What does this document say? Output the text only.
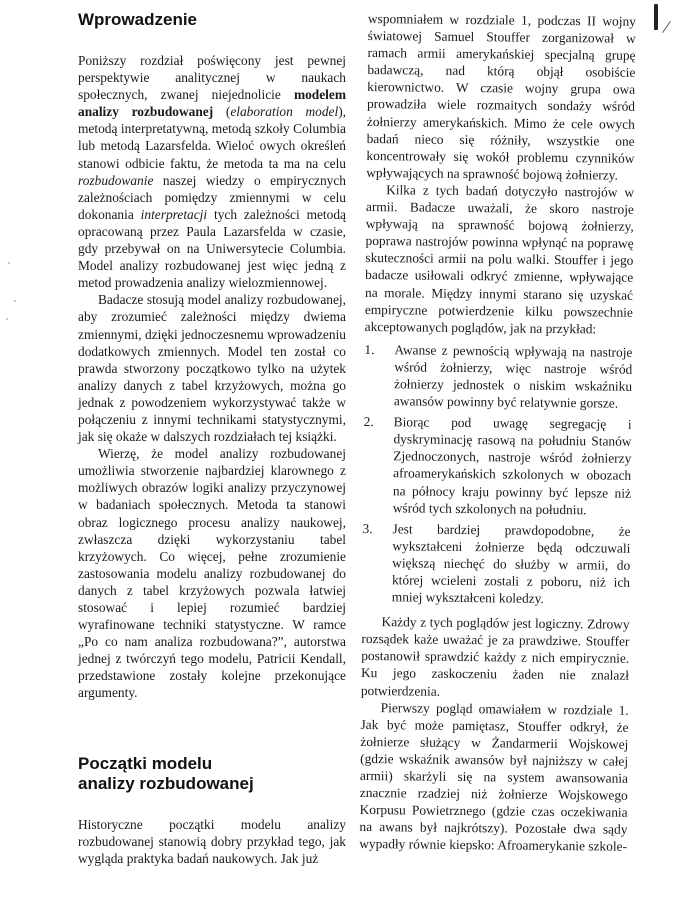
Wprowadzenie

Poniższy rozdział poświęcony jest pewnej perspektywie analitycznej w naukach społecznych, zwanej niejednolicie modelem analizy rozbudowanej (elaboration model), metodą interpretatywną, metodą szkoły Columbia lub metodą Lazarsfelda. Wieloć owych określeń stanowi odbicie faktu, że metoda ta ma na celu rozbudowanie naszej wiedzy o empirycznych zależnościach pomiędzy zmiennymi w celu dokonania interpretacji tych zależności metodą opracowaną przez Paula Lazarsfelda w czasie, gdy przebywał on na Uniwersytecie Columbia. Model analizy rozbudowanej jest więc jedną z metod prowadzenia analizy wielozmiennowej.

Badacze stosują model analizy rozbudowanej, aby zrozumieć zależności między dwiema zmiennymi, dzięki jednoczesnemu wprowadzeniu dodatkowych zmiennych. Model ten został co prawda stworzony początkowo tylko na użytek analizy danych z tabel krzyżowych, można go jednak z powodzeniem wykorzystywać także w połączeniu z innymi technikami statystycznymi, jak się okaże w dalszych rozdziałach tej książki.

Wierzę, że model analizy rozbudowanej umożliwia stworzenie najbardziej klarownego z możliwych obrazów logiki analizy przyczynowej w badaniach społecznych. Metoda ta stanowi obraz logicznego procesu analizy naukowej, zwłaszcza dzięki wykorzystaniu tabel krzyżowych. Co więcej, pełne zrozumienie zastosowania modelu analizy rozbudowanej do danych z tabel krzyżowych pozwala łatwiej stosować i lepiej rozumieć bardziej wyrafinowane techniki statystyczne. W ramce „Po co nam analiza rozbudowana?”, autorstwa jednej z twórczyń tego modelu, Patricii Kendall, przedstawione zostały kolejne przekonujące argumenty.

Początki modelu
analizy rozbudowanej

Historyczne początki modelu analizy rozbudowanej stanowią dobry przykład tego, jak wygląda praktyka badań naukowych. Jak już

wspomniałem w rozdziale 1, podczas II wojny światowej Samuel Stouffer zorganizował w ramach armii amerykańskiej specjalną grupę badawczą, nad którą objął osobiście kierownictwo. W czasie wojny grupa owa prowadziła wiele rozmaitych sondaży wśród żołnierzy amerykańskich. Mimo że cele owych badań nieco się różniły, wszystkie one koncentrowały się wokół problemu czynników wpływających na sprawność bojową żołnierzy.

Kilka z tych badań dotyczyło nastrojów w armii. Badacze uważali, że skoro nastroje wpływają na sprawność bojową żołnierzy, poprawa nastrojów powinna wpłynąć na poprawę skuteczności armii na polu walki. Stouffer i jego badacze usiłowali odkryć zmienne, wpływające na morale. Między innymi starano się uzyskać empiryczne potwierdzenie kilku powszechnie akceptowanych poglądów, jak na przykład:

1. Awanse z pewnością wpływają na nastroje wśród żołnierzy, więc nastroje wśród żołnierzy jednostek o niskim wskaźniku awansów powinny być relatywnie gorsze.
2. Biorąc pod uwagę segregację i dyskryminację rasową na południu Stanów Zjednoczonych, nastroje wśród żołnierzy afroamerykańskich szkolonych w obozach na północy kraju powinny być lepsze niż wśród tych szkolonych na południu.
3. Jest bardziej prawdopodobne, że wykształceni żołnierze będą odczuwali większą niechęć do służby w armii, do której wcieleni zostali z poboru, niż ich mniej wykształceni koledzy.

Każdy z tych poglądów jest logiczny. Zdrowy rozsądek każe uważać je za prawdziwe. Stouffer postanowił sprawdzić każdy z nich empirycznie. Ku jego zaskoczeniu żaden nie znalazł potwierdzenia.

Pierwszy pogląd omawiałem w rozdziale 1. Jak być może pamiętasz, Stouffer odkrył, że żołnierze służący w Żandarmerii Wojskowej (gdzie wskaźnik awansów był najniższy w całej armii) skarżyli się na system awansowania znacznie rzadziej niż żołnierze Wojskowego Korpusu Powietrznego (gdzie czas oczekiwania na awans był najkrótszy). Pozostałe dwa sądy wypadły równie kiepsko: Afroamerykanie szkole-
